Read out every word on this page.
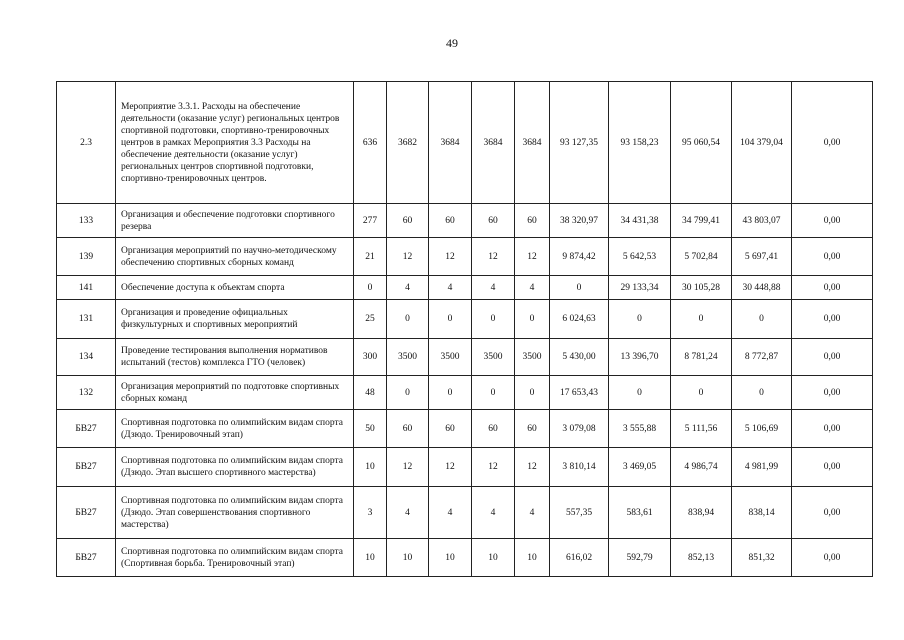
49
2.3	Мероприятие 3.3.1. Расходы на обеспечение деятельности (оказание услуг) региональных центров спортивной подготовки, спортивно-тренировочных центров в рамках Мероприятия 3.3 Расходы на обеспечение деятельности (оказание услуг) региональных центров спортивной подготовки, спортивно-тренировочных центров.	636	3682	3684	3684	3684	93 127,35	93 158,23	95 060,54	104 379,04	0,00
133	Организация и обеспечение подготовки спортивного резерва	277	60	60	60	60	38 320,97	34 431,38	34 799,41	43 803,07	0,00
139	Организация мероприятий по научно-методическому обеспечению спортивных сборных команд	21	12	12	12	12	9 874,42	5 642,53	5 702,84	5 697,41	0,00
141	Обеспечение доступа к объектам спорта	0	4	4	4	4	0	29 133,34	30 105,28	30 448,88	0,00
131	Организация и проведение официальных физкультурных и спортивных мероприятий	25	0	0	0	0	6 024,63	0	0	0	0,00
134	Проведение тестирования выполнения нормативов испытаний (тестов) комплекса ГТО (человек)	300	3500	3500	3500	3500	5 430,00	13 396,70	8 781,24	8 772,87	0,00
132	Организация мероприятий по подготовке спортивных сборных команд	48	0	0	0	0	17 653,43	0	0	0	0,00
БВ27	Спортивная подготовка по олимпийским видам спорта (Дзюдо. Тренировочный этап)	50	60	60	60	60	3 079,08	3 555,88	5 111,56	5 106,69	0,00
БВ27	Спортивная подготовка по олимпийским видам спорта (Дзюдо. Этап высшего спортивного мастерства)	10	12	12	12	12	3 810,14	3 469,05	4 986,74	4 981,99	0,00
БВ27	Спортивная подготовка по олимпийским видам спорта (Дзюдо. Этап совершенствования спортивного мастерства)	3	4	4	4	4	557,35	583,61	838,94	838,14	0,00
БВ27	Спортивная подготовка по олимпийским видам спорта (Спортивная борьба. Тренировочный этап)	10	10	10	10	10	616,02	592,79	852,13	851,32	0,00
